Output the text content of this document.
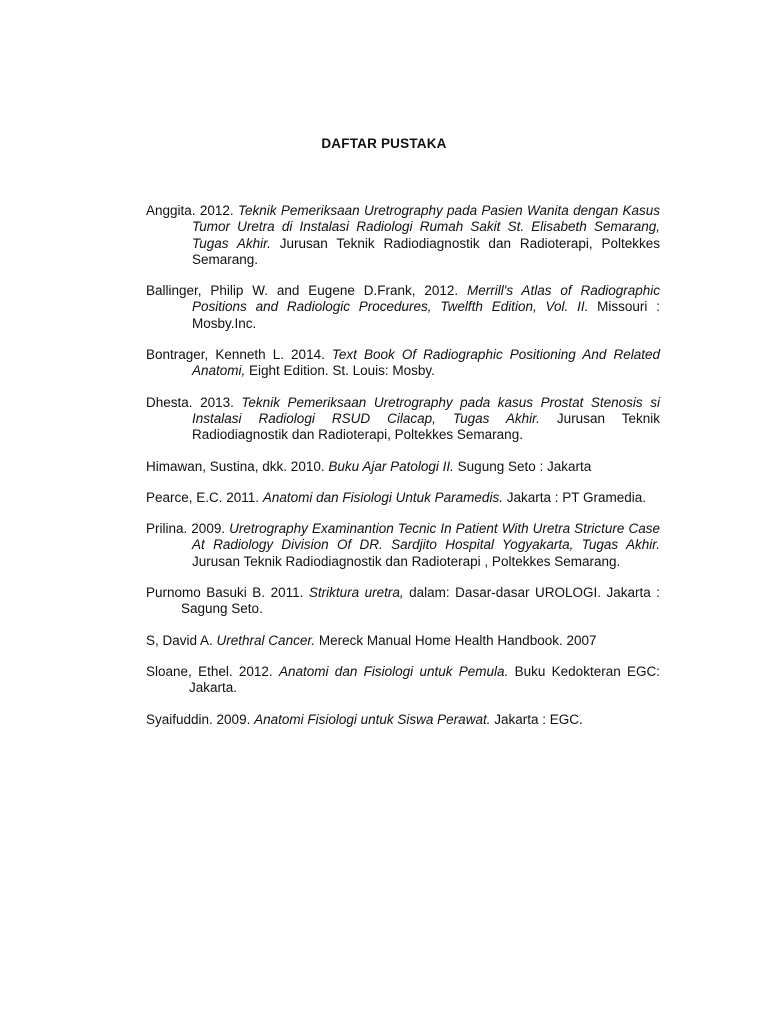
DAFTAR PUSTAKA

Anggita. 2012. Teknik Pemeriksaan Uretrography pada Pasien Wanita dengan Kasus Tumor Uretra di Instalasi Radiologi Rumah Sakit St. Elisabeth Semarang, Tugas Akhir. Jurusan Teknik Radiodiagnostik dan Radioterapi, Poltekkes Semarang.

Ballinger, Philip W. and Eugene D.Frank, 2012. Merrill's Atlas of Radiographic Positions and Radiologic Procedures, Twelfth Edition, Vol. II. Missouri : Mosby.Inc.

Bontrager, Kenneth L. 2014. Text Book Of Radiographic Positioning And Related Anatomi, Eight Edition. St. Louis: Mosby.

Dhesta. 2013. Teknik Pemeriksaan Uretrography pada kasus Prostat Stenosis si Instalasi Radiologi RSUD Cilacap, Tugas Akhir. Jurusan Teknik Radiodiagnostik dan Radioterapi, Poltekkes Semarang.

Himawan, Sustina, dkk. 2010. Buku Ajar Patologi II. Sugung Seto : Jakarta

Pearce, E.C. 2011. Anatomi dan Fisiologi Untuk Paramedis. Jakarta : PT Gramedia.

Prilina. 2009. Uretrography Examinantion Tecnic In Patient With Uretra Stricture Case At Radiology Division Of DR. Sardjito Hospital Yogyakarta, Tugas Akhir. Jurusan Teknik Radiodiagnostik dan Radioterapi , Poltekkes Semarang.

Purnomo Basuki B. 2011. Striktura uretra, dalam: Dasar-dasar UROLOGI. Jakarta : Sagung Seto.

S, David A. Urethral Cancer. Mereck Manual Home Health Handbook. 2007

Sloane, Ethel. 2012. Anatomi dan Fisiologi untuk Pemula. Buku Kedokteran EGC: Jakarta.

Syaifuddin. 2009. Anatomi Fisiologi untuk Siswa Perawat. Jakarta : EGC.
